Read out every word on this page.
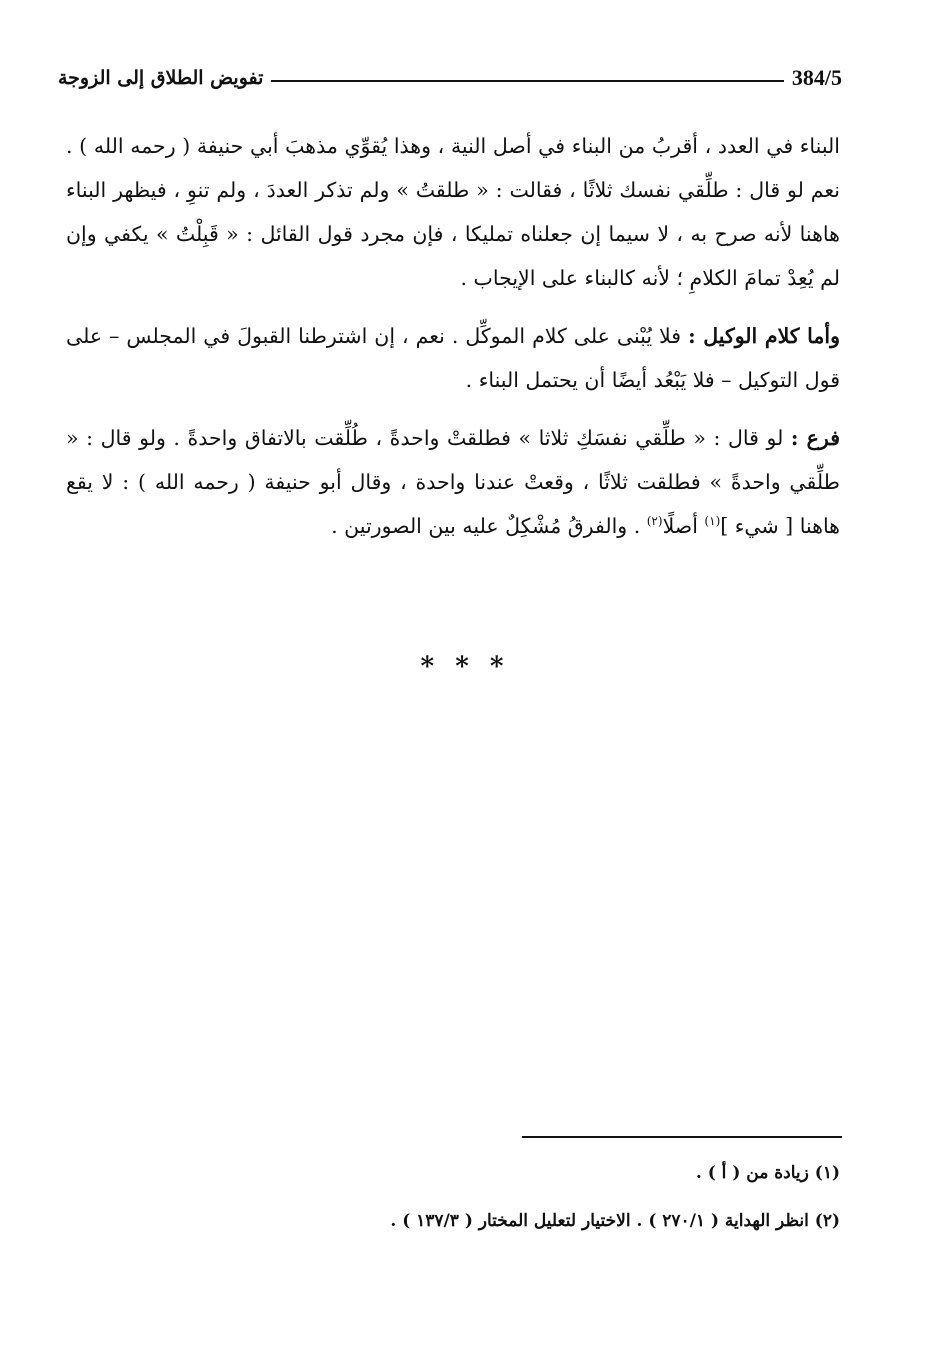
تفويض الطلاق إلى الزوجة	384/5

البناء في العدد ، أقربُ من البناء في أصل النية ، وهذا يُقوِّي مذهبَ أبي حنيفة ( رحمه الله ) . نعم لو قال : طلِّقي نفسك ثلاثًا ، فقالت : « طلقتُ » ولم تذكر العددَ ، ولم تنوِ ، فيظهر البناء هاهنا لأنه صرح به ، لا سيما إن جعلناه تمليكا ، فإن مجرد قول القائل : « قَبِلْتُ » يكفي وإن لم يُعِدْ تمامَ الكلامِ ؛ لأنه كالبناء على الإيجاب .

وأما كلام الوكيل : فلا يُبْنى على كلام الموكِّل . نعم ، إن اشترطنا القبولَ في المجلس – على قول التوكيل – فلا يَبْعُد أيضًا أن يحتمل البناء .

فرع : لو قال : « طلِّقي نفسَكِ ثلاثا » فطلقتْ واحدةً ، طُلِّقت بالاتفاق واحدةً . ولو قال : « طلِّقي واحدةً » فطلقت ثلاثًا ، وقعتْ عندنا واحدة ، وقال أبو حنيفة ( رحمه الله ) : لا يقع هاهنا [ شيء ]$^{(١)}$ أصلًا$^{(٢)}$ . والفرقُ مُشْكِلٌ عليه بين الصورتين .

* * *

(١) زيادة من ( أ ) .

(٢) انظر الهداية ( ٢٧٠/١ ) . الاختيار لتعليل المختار ( ١٣٧/٣ ) .
